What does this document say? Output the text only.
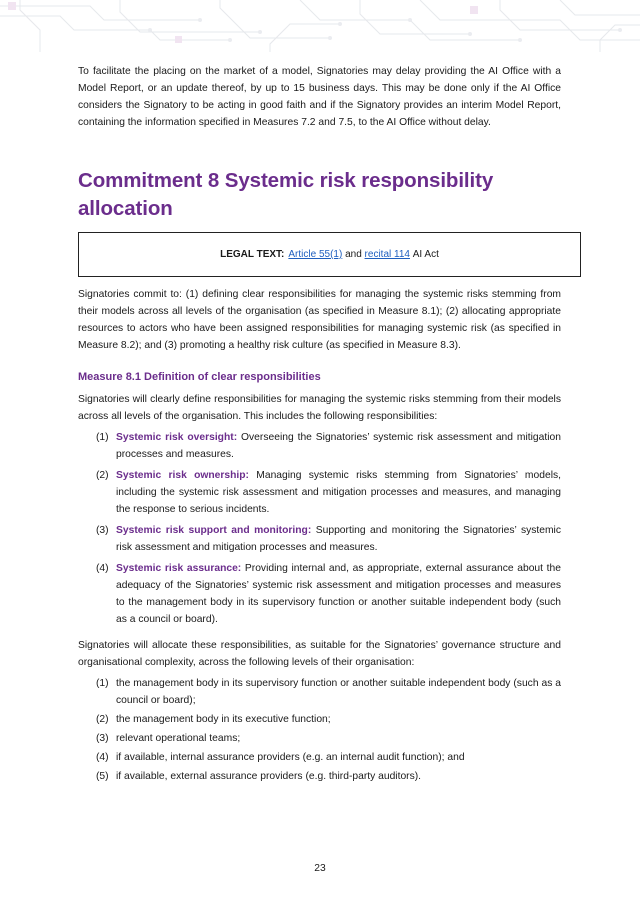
To facilitate the placing on the market of a model, Signatories may delay providing the AI Office with a Model Report, or an update thereof, by up to 15 business days. This may be done only if the AI Office considers the Signatory to be acting in good faith and if the Signatory provides an interim Model Report, containing the information specified in Measures 7.2 and 7.5, to the AI Office without delay.

Commitment 8 Systemic risk responsibility allocation
LEGAL TEXT: Article 55(1)
and
recital 114
AI Act

Signatories commit to: (1) defining clear responsibilities for managing the systemic risks stemming from their models across all levels of the organisation (as specified in Measure 8.1); (2) allocating appropriate resources to actors who have been assigned responsibilities for managing systemic risk (as specified in Measure 8.2); and (3) promoting a healthy risk culture (as specified in Measure 8.3).

Measure 8.1 Definition of clear responsibilities

Signatories will clearly define responsibilities for managing the systemic risks stemming from their models across all levels of the organisation. This includes the following responsibilities:

(1) Systemic risk oversight: Overseeing the Signatories’ systemic risk assessment and mitigation processes and measures.
(2) Systemic risk ownership: Managing systemic risks stemming from Signatories’ models, including the systemic risk assessment and mitigation processes and measures, and managing the response to serious incidents.
(3) Systemic risk support and monitoring: Supporting and monitoring the Signatories’ systemic risk assessment and mitigation processes and measures.
(4) Systemic risk assurance: Providing internal and, as appropriate, external assurance about the adequacy of the Signatories’ systemic risk assessment and mitigation processes and measures to the management body in its supervisory function or another suitable independent body (such as a council or board).

Signatories will allocate these responsibilities, as suitable for the Signatories’ governance structure and organisational complexity, across the following levels of their organisation:

(1) the management body in its supervisory function or another suitable independent body (such as a council or board);
(2) the management body in its executive function;
(3) relevant operational teams;
(4) if available, internal assurance providers (e.g. an internal audit function); and
(5) if available, external assurance providers (e.g. third-party auditors).
23
